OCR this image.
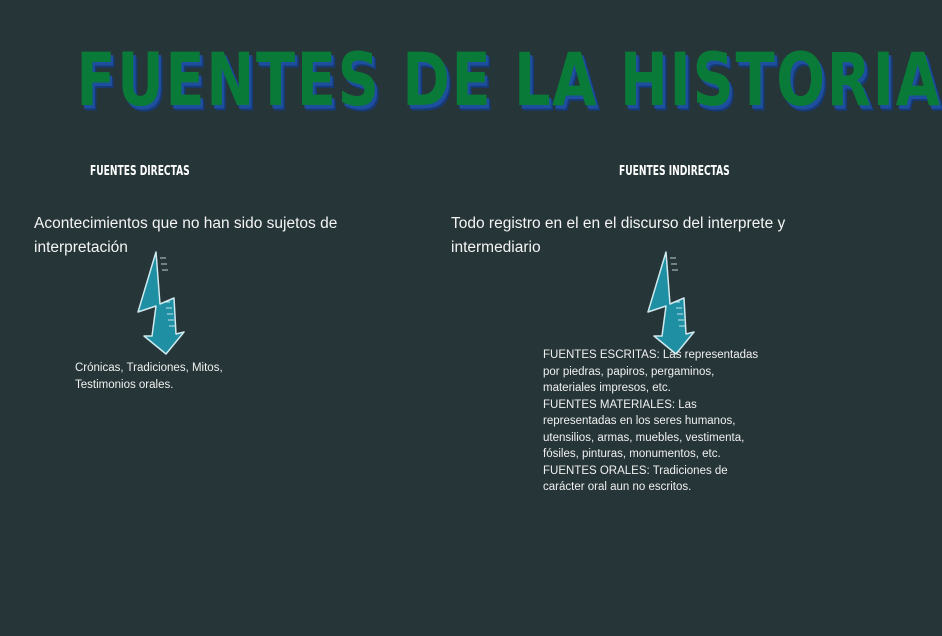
FUENTES DE LA HISTORIA
FUENTES DIRECTAS	FUENTES INDIRECTAS
Acontecimientos que no han sido sujetos de interpretación
Todo registro en el en el discurso del interprete y intermediario
Crónicas, Tradiciones, Mitos, Testimonios orales.
FUENTES ESCRITAS: Las representadas por piedras, papiros, pergaminos, materiales impresos, etc.
FUENTES MATERIALES: Las representadas en los seres humanos, utensilios, armas, muebles, vestimenta, fósiles, pinturas, monumentos, etc.
FUENTES ORALES: Tradiciones de carácter oral aun no escritos.
